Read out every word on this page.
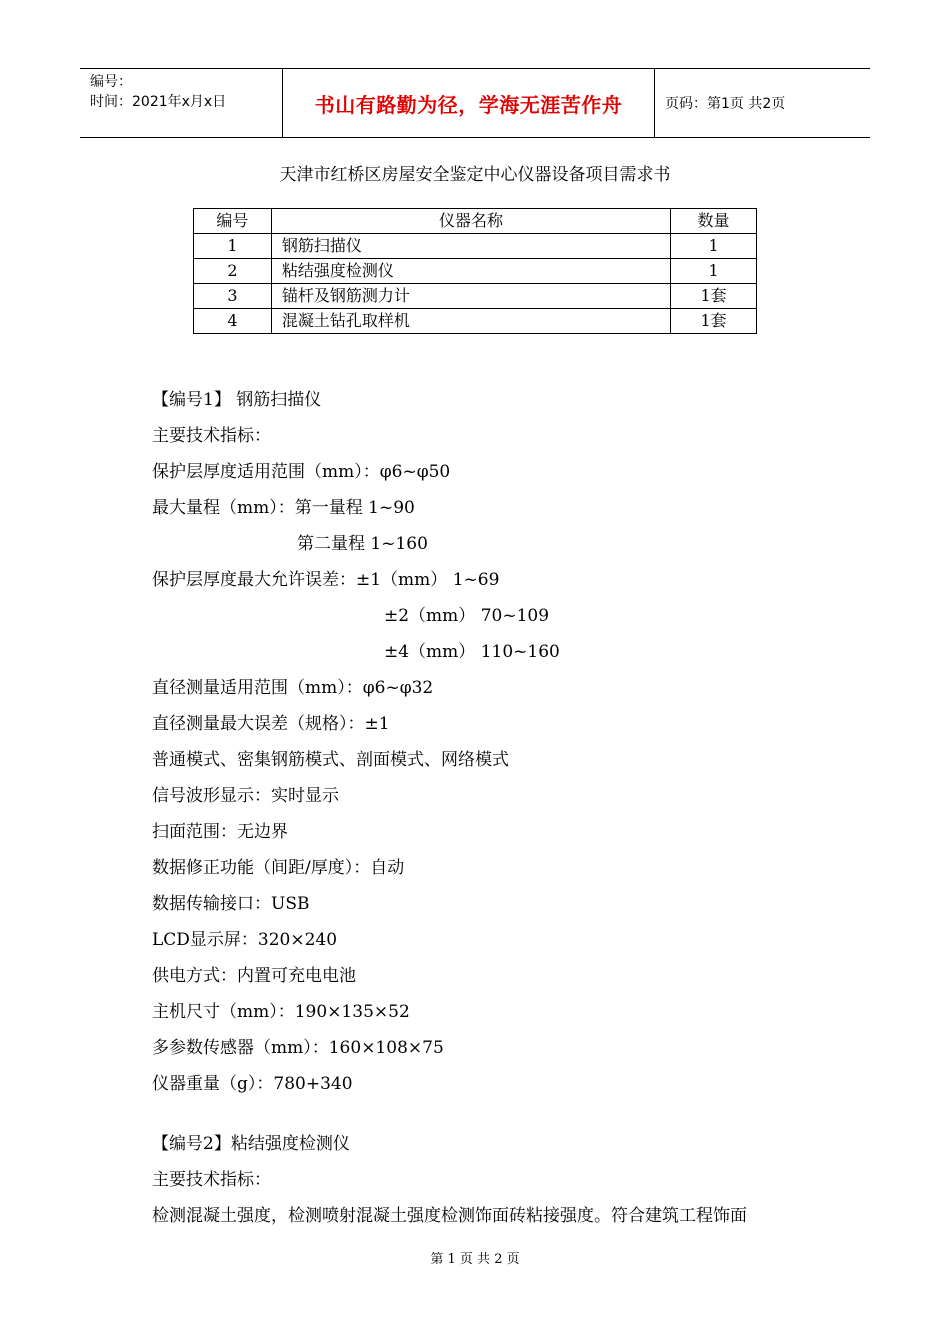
编号：
时间：2021年x月x日	书山有路勤为径，学海无涯苦作舟	页码：第1页 共2页
天津市红桥区房屋安全鉴定中心仪器设备项目需求书
编号	仪器名称	数量
1	钢筋扫描仪	1
2	粘结强度检测仪	1
3	锚杆及钢筋测力计	1套
4	混凝土钻孔取样机	1套
【编号1】 钢筋扫描仪
主要技术指标：
保护层厚度适用范围（mm）：φ6~φ50
最大量程（mm）：第一量程 1~90
第二量程 1~160
保护层厚度最大允许误差：±1（mm） 1~69
±2（mm） 70~109
±4（mm） 110~160
直径测量适用范围（mm）：φ6~φ32
直径测量最大误差（规格）：±1
普通模式、密集钢筋模式、剖面模式、网络模式
信号波形显示：实时显示
扫面范围：无边界
数据修正功能（间距/厚度）：自动
数据传输接口：USB
LCD显示屏：320×240
供电方式：内置可充电电池
主机尺寸（mm）：190×135×52
多参数传感器（mm）：160×108×75
仪器重量（g）：780+340
【编号2】粘结强度检测仪
主要技术指标：
检测混凝土强度，检测喷射混凝土强度检测饰面砖粘接强度。符合建筑工程饰面
第 1 页 共 2 页
